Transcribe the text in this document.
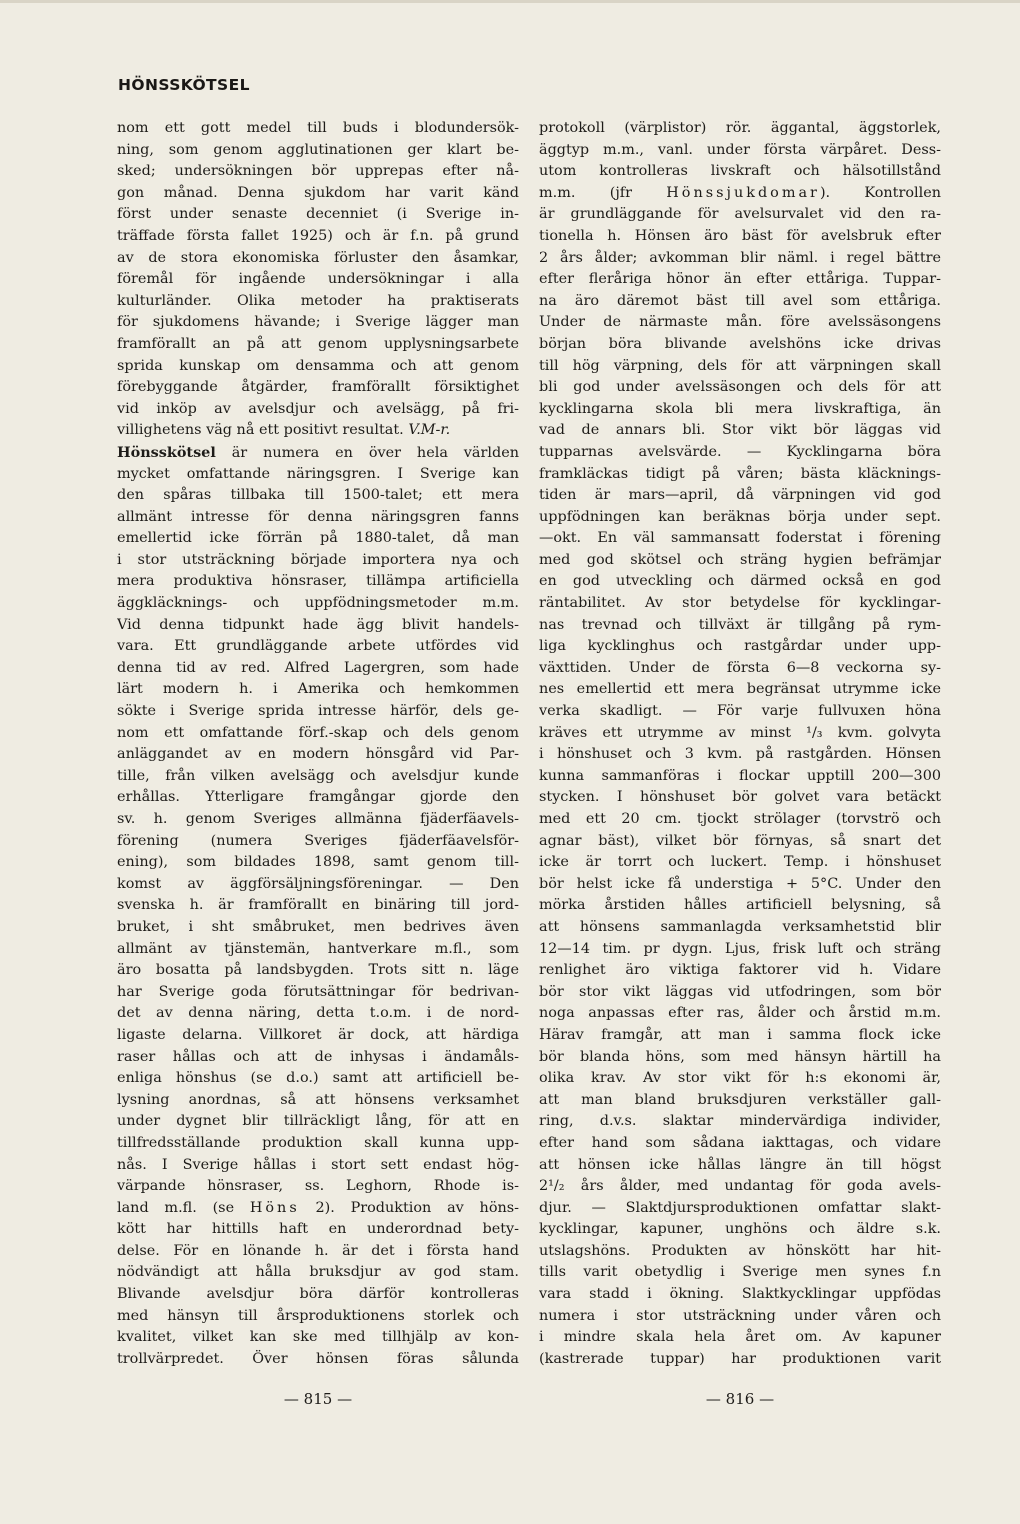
HÖNSSKÖTSEL
nom ett gott medel till buds i blodundersök-
ning, som genom agglutinationen ger klart be-
sked; undersökningen bör upprepas efter nå-
gon månad. Denna sjukdom har varit känd
först under senaste decenniet (i Sverige in-
träffade första fallet 1925) och är f.n. på grund
av de stora ekonomiska förluster den åsamkar,
föremål för ingående undersökningar i alla
kulturländer. Olika metoder ha praktiserats
för sjukdomens hävande; i Sverige lägger man
framförallt an på att genom upplysningsarbete
sprida kunskap om densamma och att genom
förebyggande åtgärder, framförallt försiktighet
vid inköp av avelsdjur och avelsägg, på fri-
villighetens väg nå ett positivt resultat. V.M-r.
Hönsskötsel är numera en över hela världen
mycket omfattande näringsgren. I Sverige kan
den spåras tillbaka till 1500-talet; ett mera
allmänt intresse för denna näringsgren fanns
emellertid icke förrän på 1880-talet, då man
i stor utsträckning började importera nya och
mera produktiva hönsraser, tillämpa artificiella
äggkläcknings- och uppfödningsmetoder m.m.
Vid denna tidpunkt hade ägg blivit handels-
vara. Ett grundläggande arbete utfördes vid
denna tid av red. Alfred Lagergren, som hade
lärt modern h. i Amerika och hemkommen
sökte i Sverige sprida intresse härför, dels ge-
nom ett omfattande förf.-skap och dels genom
anläggandet av en modern hönsgård vid Par-
tille, från vilken avelsägg och avelsdjur kunde
erhållas. Ytterligare framgångar gjorde den
sv. h. genom Sveriges allmänna fjäderfäavels-
förening (numera Sveriges fjäderfäavelsför-
ening), som bildades 1898, samt genom till-
komst av äggförsäljningsföreningar. — Den
svenska h. är framförallt en binäring till jord-
bruket, i sht småbruket, men bedrives även
allmänt av tjänstemän, hantverkare m.fl., som
äro bosatta på landsbygden. Trots sitt n. läge
har Sverige goda förutsättningar för bedrivan-
det av denna näring, detta t.o.m. i de nord-
ligaste delarna. Villkoret är dock, att härdiga
raser hållas och att de inhysas i ändamåls-
enliga hönshus (se d.o.) samt att artificiell be-
lysning anordnas, så att hönsens verksamhet
under dygnet blir tillräckligt lång, för att en
tillfredsställande produktion skall kunna upp-
nås. I Sverige hållas i stort sett endast hög-
värpande hönsraser, ss. Leghorn, Rhode is-
land m.fl. (se Höns 2). Produktion av höns-
kött har hittills haft en underordnad bety-
delse. För en lönande h. är det i första hand
nödvändigt att hålla bruksdjur av god stam.
Blivande avelsdjur böra därför kontrolleras
med hänsyn till årsproduktionens storlek och
kvalitet, vilket kan ske med tillhjälp av kon-
trollvärpredet. Över hönsen föras sålunda
protokoll (värplistor) rör. äggantal, äggstorlek,
äggtyp m.m., vanl. under första värpåret. Dess-
utom kontrolleras livskraft och hälsotillstånd
m.m. (jfr Hönssjukdomar). Kontrollen
är grundläggande för avelsurvalet vid den ra-
tionella h. Hönsen äro bäst för avelsbruk efter
2 års ålder; avkomman blir näml. i regel bättre
efter fleråriga hönor än efter ettåriga. Tuppar-
na äro däremot bäst till avel som ettåriga.
Under de närmaste mån. före avelssäsongens
början böra blivande avelshöns icke drivas
till hög värpning, dels för att värpningen skall
bli god under avelssäsongen och dels för att
kycklingarna skola bli mera livskraftiga, än
vad de annars bli. Stor vikt bör läggas vid
tupparnas avelsvärde. — Kycklingarna böra
framkläckas tidigt på våren; bästa kläcknings-
tiden är mars—april, då värpningen vid god
uppfödningen kan beräknas börja under sept.
—okt. En väl sammansatt foderstat i förening
med god skötsel och sträng hygien befrämjar
en god utveckling och därmed också en god
räntabilitet. Av stor betydelse för kycklingar-
nas trevnad och tillväxt är tillgång på rym-
liga kycklinghus och rastgårdar under upp-
växttiden. Under de första 6—8 veckorna sy-
nes emellertid ett mera begränsat utrymme icke
verka skadligt. — För varje fullvuxen höna
kräves ett utrymme av minst ¹/₃ kvm. golvyta
i hönshuset och 3 kvm. på rastgården. Hönsen
kunna sammanföras i flockar upptill 200—300
stycken. I hönshuset bör golvet vara betäckt
med ett 20 cm. tjockt strölager (torvströ och
agnar bäst), vilket bör förnyas, så snart det
icke är torrt och luckert. Temp. i hönshuset
bör helst icke få understiga + 5°C. Under den
mörka årstiden hålles artificiell belysning, så
att hönsens sammanlagda verksamhetstid blir
12—14 tim. pr dygn. Ljus, frisk luft och sträng
renlighet äro viktiga faktorer vid h. Vidare
bör stor vikt läggas vid utfodringen, som bör
noga anpassas efter ras, ålder och årstid m.m.
Härav framgår, att man i samma flock icke
bör blanda höns, som med hänsyn härtill ha
olika krav. Av stor vikt för h:s ekonomi är,
att man bland bruksdjuren verkställer gall-
ring, d.v.s. slaktar mindervärdiga individer,
efter hand som sådana iakttagas, och vidare
att hönsen icke hållas längre än till högst
2¹/₂ års ålder, med undantag för goda avels-
djur. — Slaktdjursproduktionen omfattar slakt-
kycklingar, kapuner, unghöns och äldre s.k.
utslagshöns. Produkten av hönskött har hit-
tills varit obetydlig i Sverige men synes f.n
vara stadd i ökning. Slaktkycklingar uppfödas
numera i stor utsträckning under våren och
i mindre skala hela året om. Av kapuner
(kastrerade tuppar) har produktionen varit
— 815 —	— 816 —
